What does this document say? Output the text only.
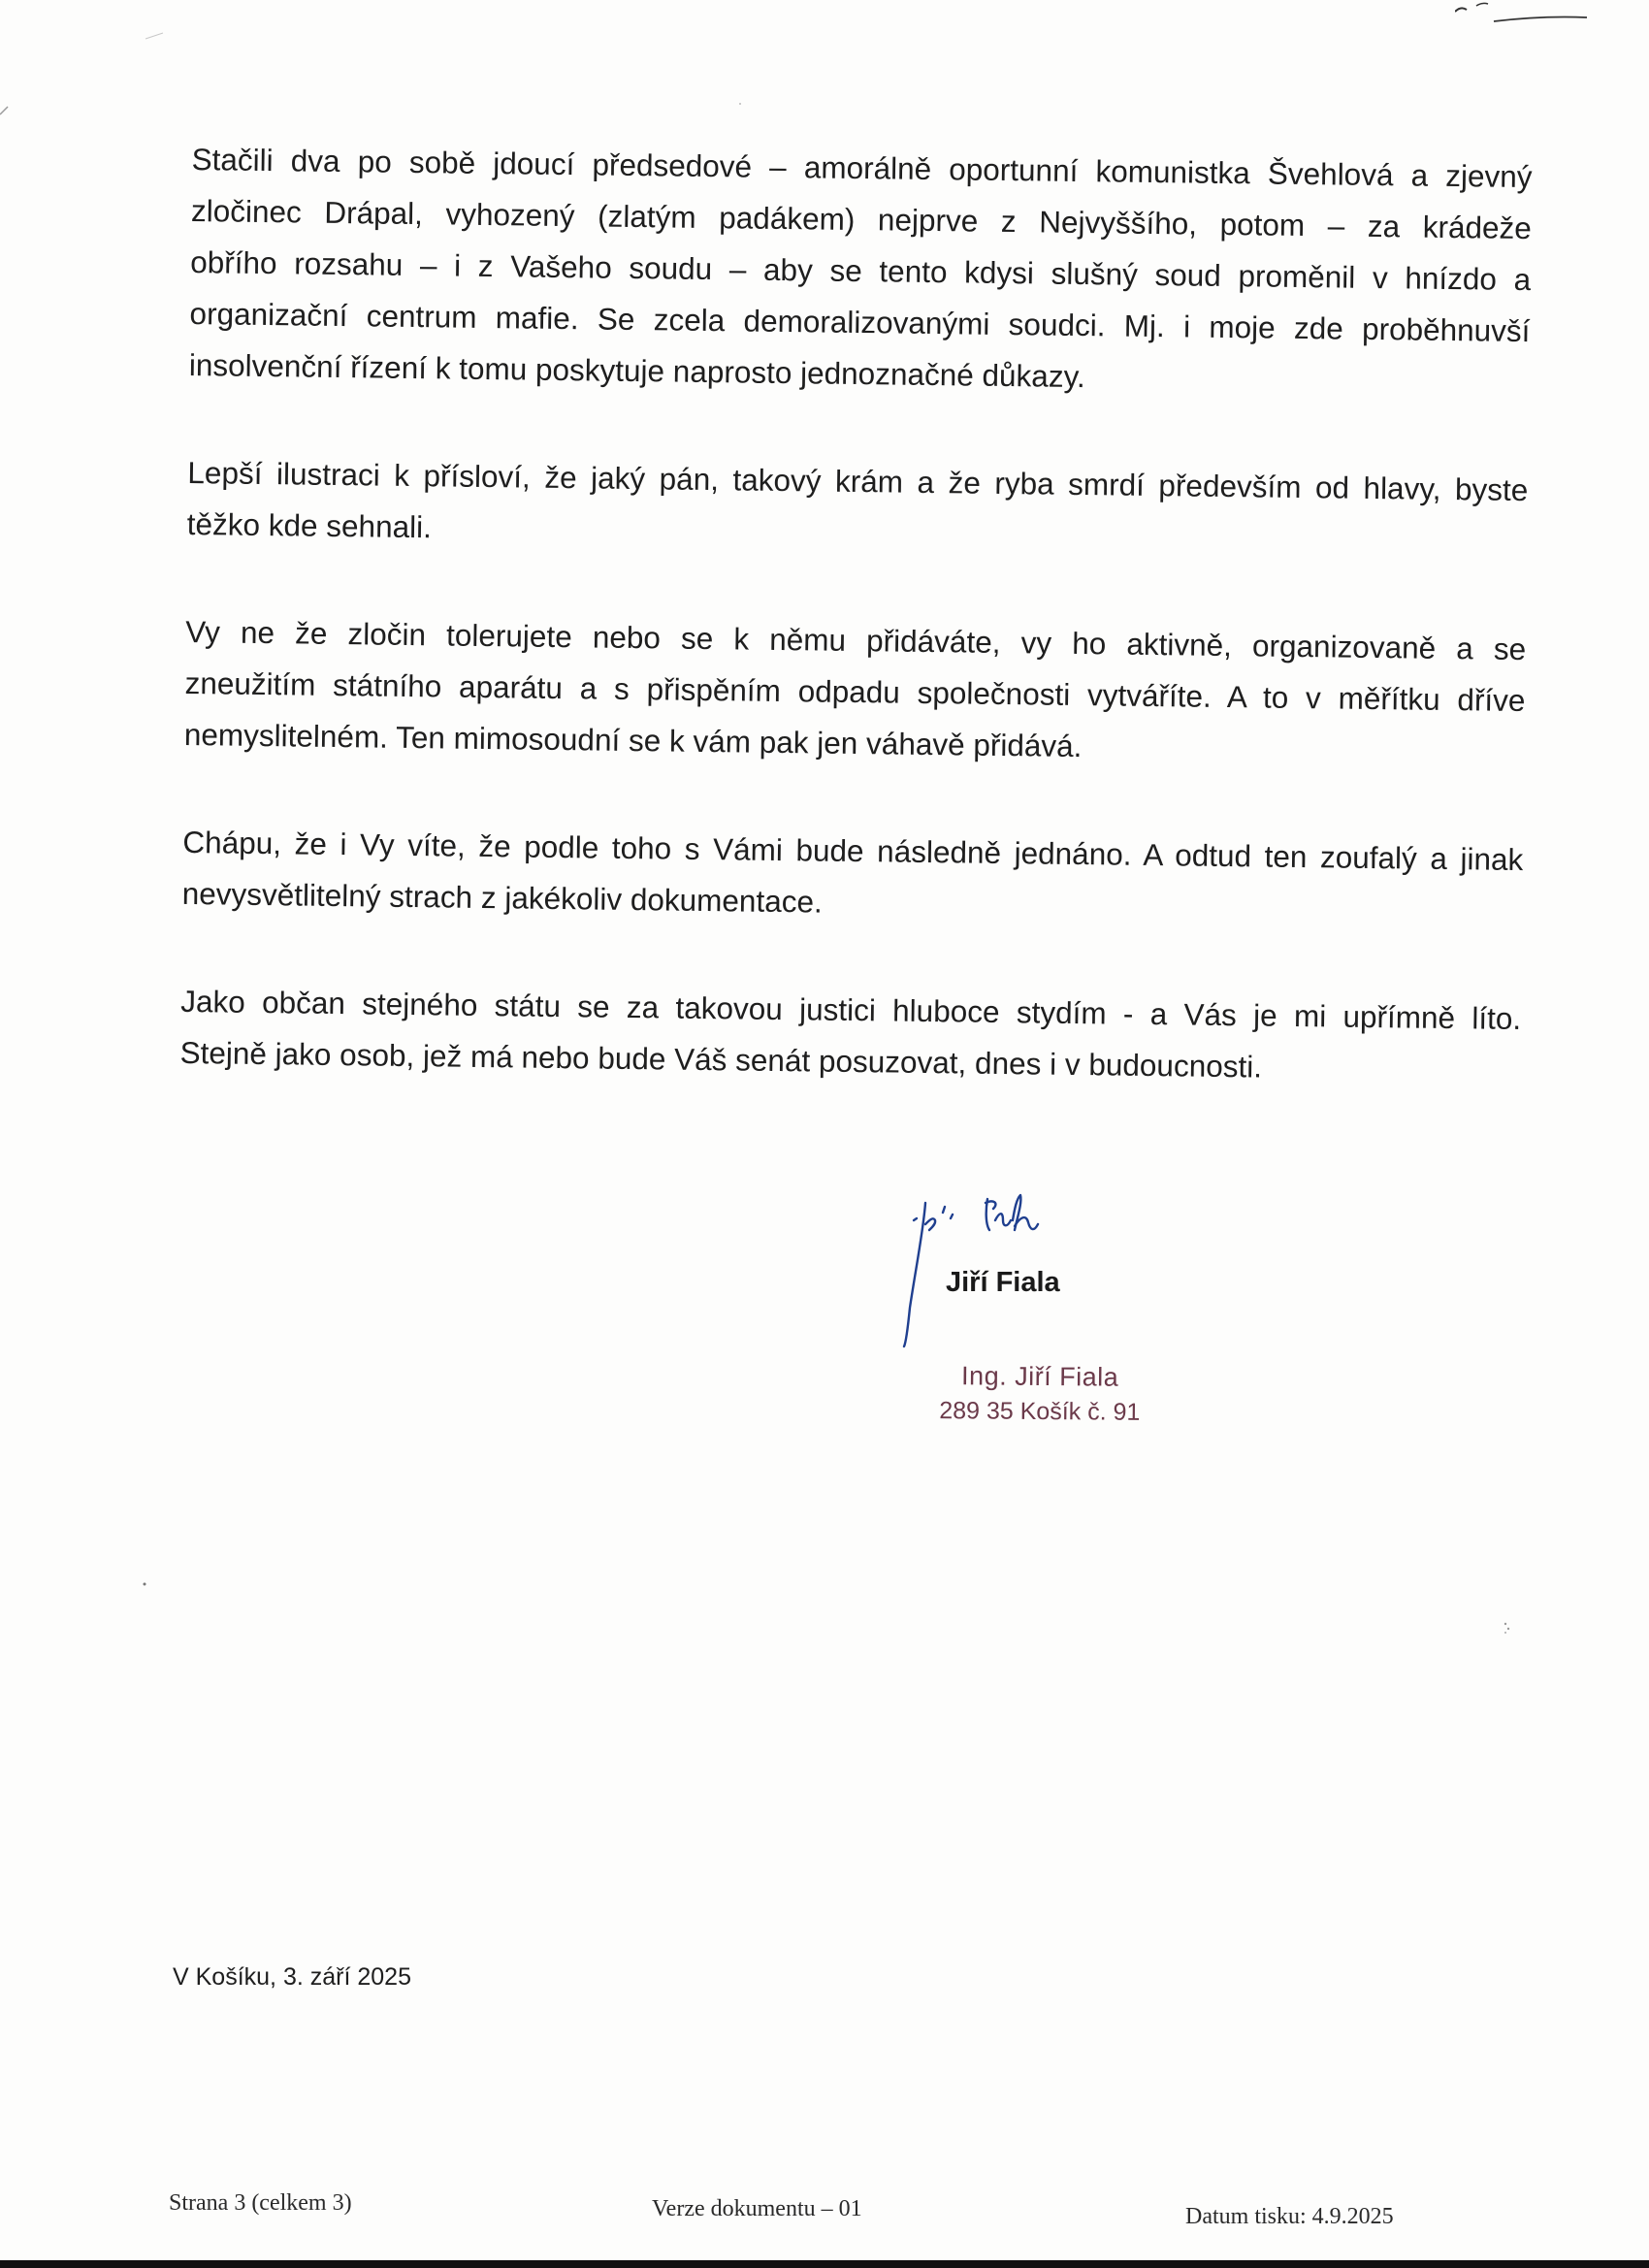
Stačili dva po sobě jdoucí předsedové – amorálně oportunní komunistka Švehlová a zjevný
zločinec Drápal, vyhozený (zlatým padákem) nejprve z Nejvyššího, potom – za krádeže
obřího rozsahu – i z Vašeho soudu – aby se tento kdysi slušný soud proměnil v hnízdo a
organizační centrum mafie. Se zcela demoralizovanými soudci. Mj. i moje zde proběhnuvší
insolvenční řízení k tomu poskytuje naprosto jednoznačné důkazy.

Lepší ilustraci k přísloví, že jaký pán, takový krám a že ryba smrdí především od hlavy, byste
těžko kde sehnali.

Vy ne že zločin tolerujete nebo se k němu přidáváte, vy ho aktivně, organizovaně a se
zneužitím státního aparátu a s přispěním odpadu společnosti vytváříte. A to v měřítku dříve
nemyslitelném. Ten mimosoudní se k vám pak jen váhavě přidává.

Chápu, že i Vy víte, že podle toho s Vámi bude následně jednáno. A odtud ten zoufalý a jinak
nevysvětlitelný strach z jakékoliv dokumentace.

Jako občan stejného státu se za takovou justici hluboce stydím - a Vás je mi upřímně líto.
Stejně jako osob, jež má nebo bude Váš senát posuzovat, dnes i v budoucnosti.

Jiří Fiala
Ing. Jiří Fiala
289 35 Košík č. 91
V Košíku, 3. září 2025
Strana 3 (celkem 3)	Verze dokumentu – 01	Datum tisku: 4.9.2025
